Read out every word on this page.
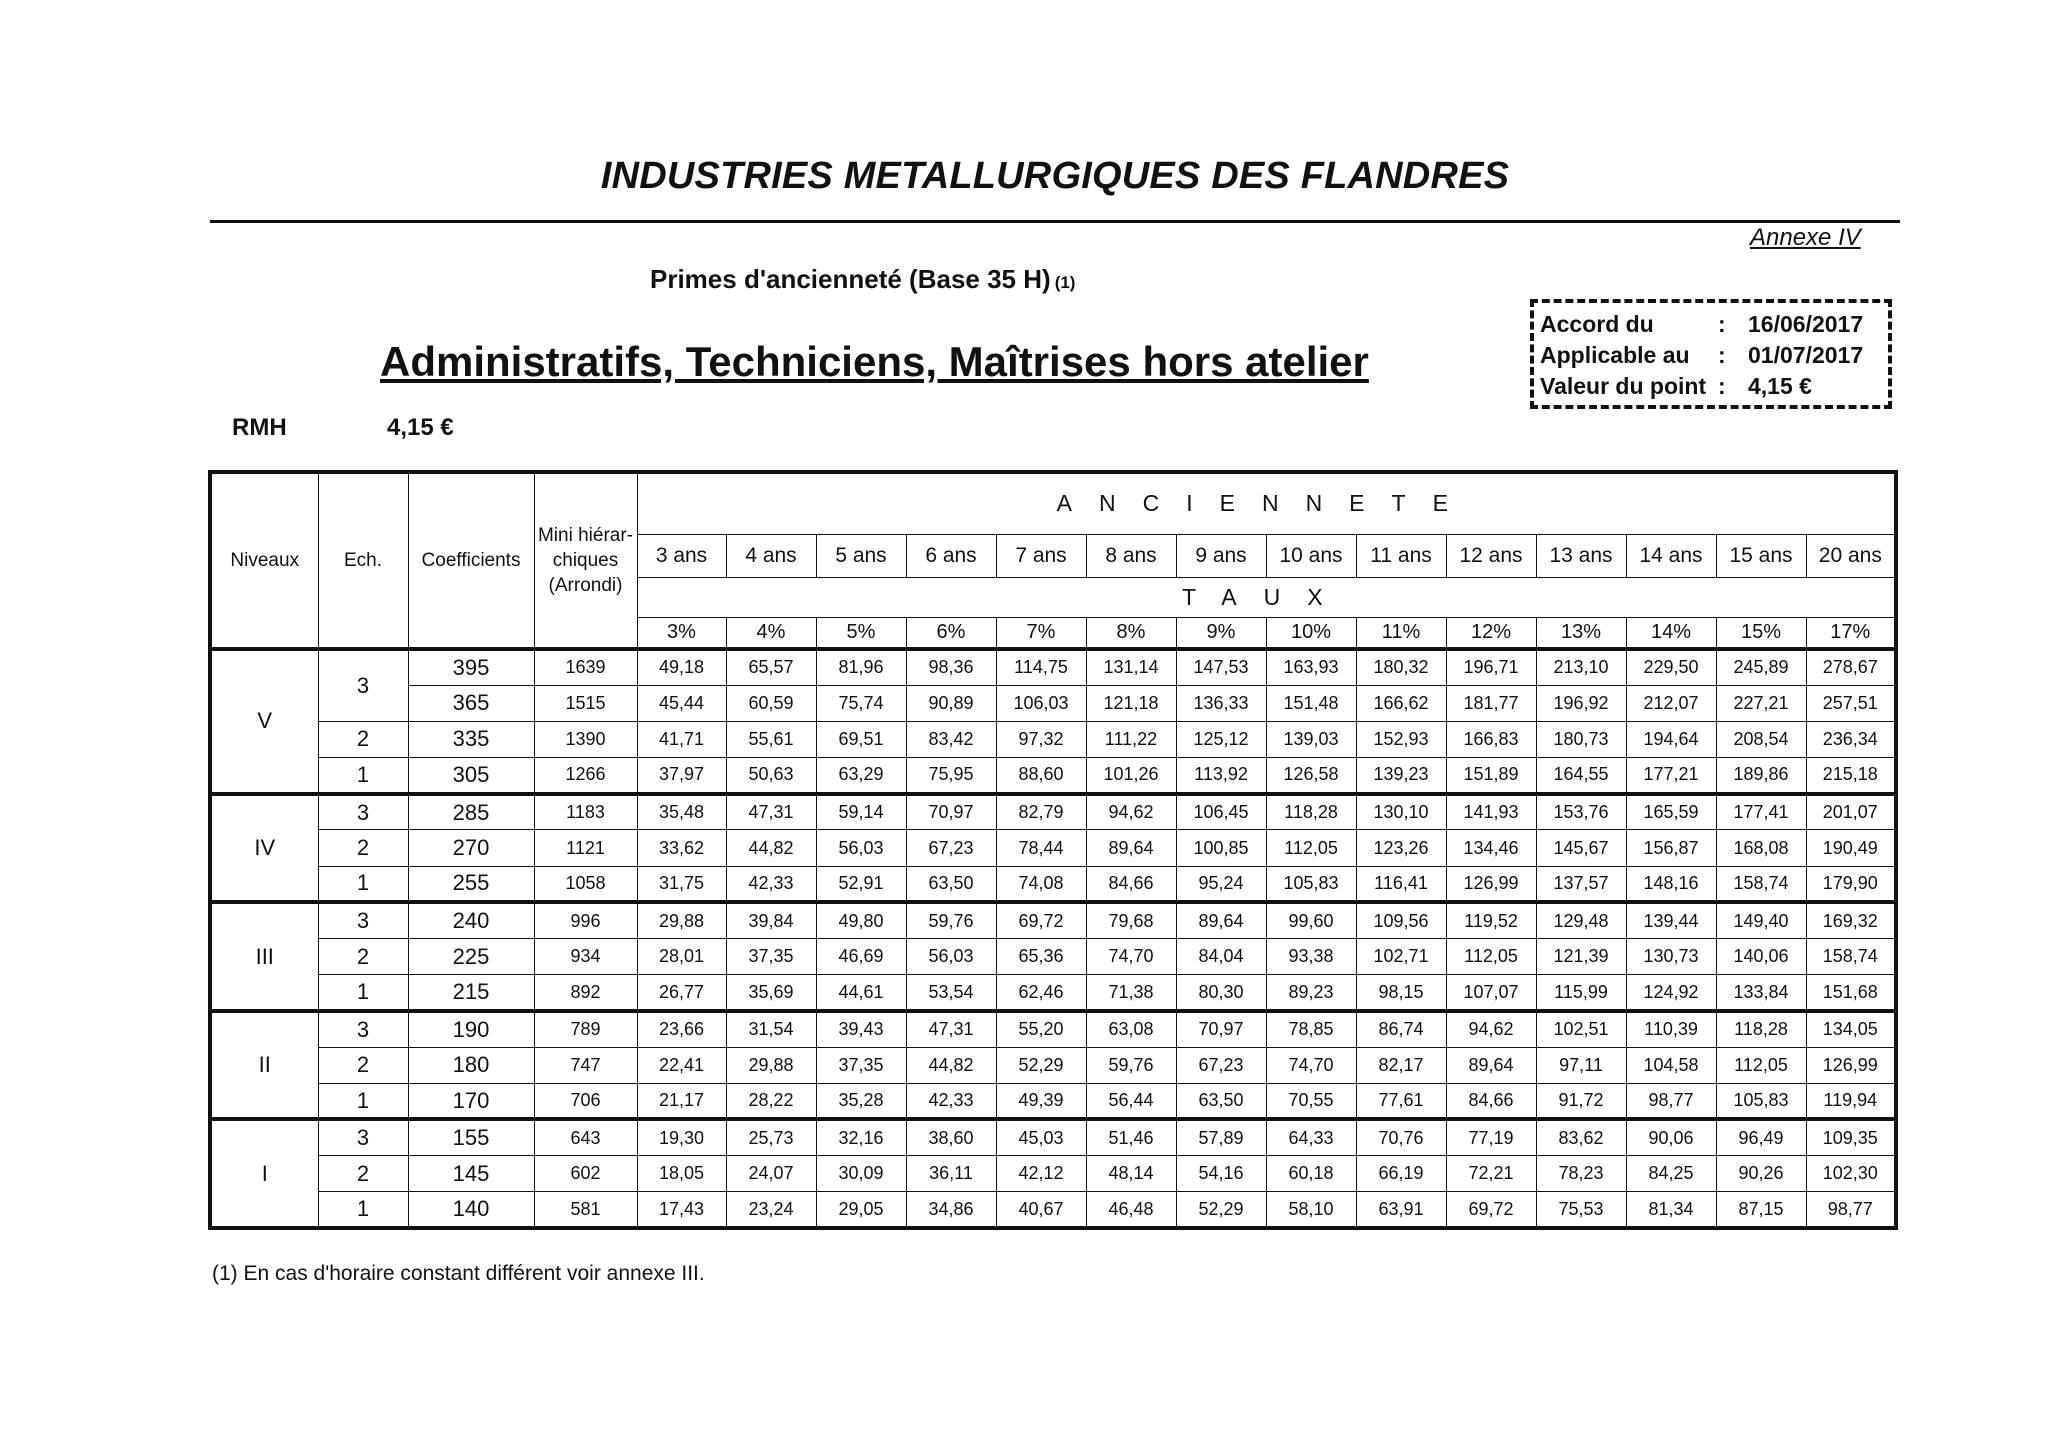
INDUSTRIES METALLURGIQUES DES FLANDRES
Annexe IV
Primes d'ancienneté (Base 35 H) (1)
Administratifs, Techniciens, Maîtrises hors atelier
RMH	4,15 €
Accord du	: 16/06/2017
Applicable au	: 01/07/2017
Valeur du point : 4,15 €
Niveaux	Ech.	Coefficients	Mini hiérar- chiques (Arrondi)	ANCIENNETE													
				3 ans	4 ans	5 ans	6 ans	7 ans	8 ans	9 ans	10 ans	11 ans	12 ans	13 ans	14 ans	15 ans	20 ans
				TAUX													
				3%	4%	5%	6%	7%	8%	9%	10%	11%	12%	13%	14%	15%	17%
V	3	395	1639	49,18	65,57	81,96	98,36	114,75	131,14	147,53	163,93	180,32	196,71	213,10	229,50	245,89	278,67
		365	1515	45,44	60,59	75,74	90,89	106,03	121,18	136,33	151,48	166,62	181,77	196,92	212,07	227,21	257,51
	2	335	1390	41,71	55,61	69,51	83,42	97,32	111,22	125,12	139,03	152,93	166,83	180,73	194,64	208,54	236,34
	1	305	1266	37,97	50,63	63,29	75,95	88,60	101,26	113,92	126,58	139,23	151,89	164,55	177,21	189,86	215,18
IV	3	285	1183	35,48	47,31	59,14	70,97	82,79	94,62	106,45	118,28	130,10	141,93	153,76	165,59	177,41	201,07
	2	270	1121	33,62	44,82	56,03	67,23	78,44	89,64	100,85	112,05	123,26	134,46	145,67	156,87	168,08	190,49
	1	255	1058	31,75	42,33	52,91	63,50	74,08	84,66	95,24	105,83	116,41	126,99	137,57	148,16	158,74	179,90
III	3	240	996	29,88	39,84	49,80	59,76	69,72	79,68	89,64	99,60	109,56	119,52	129,48	139,44	149,40	169,32
	2	225	934	28,01	37,35	46,69	56,03	65,36	74,70	84,04	93,38	102,71	112,05	121,39	130,73	140,06	158,74
	1	215	892	26,77	35,69	44,61	53,54	62,46	71,38	80,30	89,23	98,15	107,07	115,99	124,92	133,84	151,68
II	3	190	789	23,66	31,54	39,43	47,31	55,20	63,08	70,97	78,85	86,74	94,62	102,51	110,39	118,28	134,05
	2	180	747	22,41	29,88	37,35	44,82	52,29	59,76	67,23	74,70	82,17	89,64	97,11	104,58	112,05	126,99
	1	170	706	21,17	28,22	35,28	42,33	49,39	56,44	63,50	70,55	77,61	84,66	91,72	98,77	105,83	119,94
I	3	155	643	19,30	25,73	32,16	38,60	45,03	51,46	57,89	64,33	70,76	77,19	83,62	90,06	96,49	109,35
	2	145	602	18,05	24,07	30,09	36,11	42,12	48,14	54,16	60,18	66,19	72,21	78,23	84,25	90,26	102,30
	1	140	581	17,43	23,24	29,05	34,86	40,67	46,48	52,29	58,10	63,91	69,72	75,53	81,34	87,15	98,77
(1) En cas d'horaire constant différent voir annexe III.
